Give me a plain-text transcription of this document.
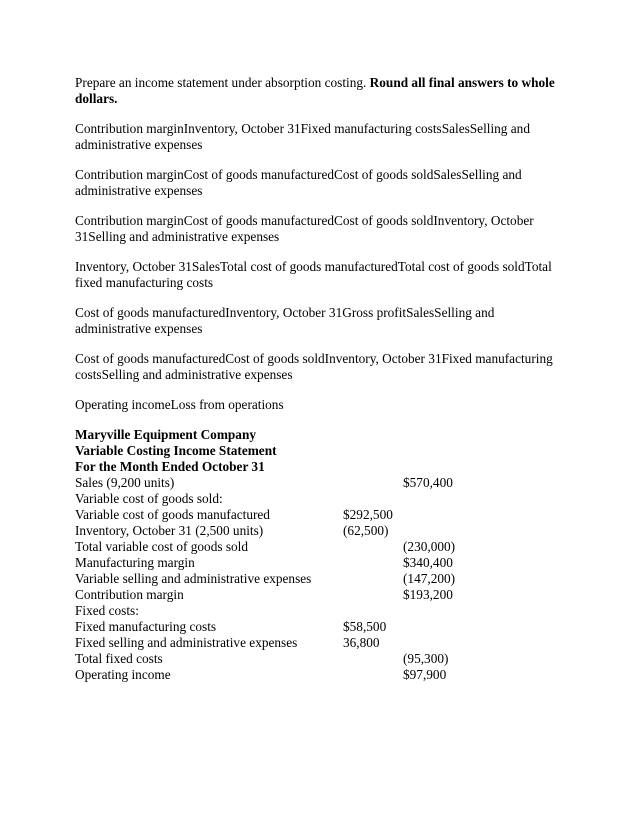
Prepare an income statement under absorption costing. Round all final answers to whole dollars.

Contribution marginInventory, October 31Fixed manufacturing costsSalesSelling and administrative expenses

Contribution marginCost of goods manufacturedCost of goods soldSalesSelling and administrative expenses

Contribution marginCost of goods manufacturedCost of goods soldInventory, October 31Selling and administrative expenses

Inventory, October 31SalesTotal cost of goods manufacturedTotal cost of goods soldTotal fixed manufacturing costs

Cost of goods manufacturedInventory, October 31Gross profitSalesSelling and administrative expenses

Cost of goods manufacturedCost of goods soldInventory, October 31Fixed manufacturing costsSelling and administrative expenses

Operating incomeLoss from operations

Maryville Equipment Company
Variable Costing Income Statement
For the Month Ended October 31
Sales (9,200 units)	$570,400
Variable cost of goods sold:
Variable cost of goods manufactured	$292,500
Inventory, October 31 (2,500 units)	(62,500)
Total variable cost of goods sold	(230,000)
Manufacturing margin	$340,400
Variable selling and administrative expenses	(147,200)
Contribution margin	$193,200
Fixed costs:
Fixed manufacturing costs	$58,500
Fixed selling and administrative expenses	36,800
Total fixed costs	(95,300)
Operating income	$97,900
